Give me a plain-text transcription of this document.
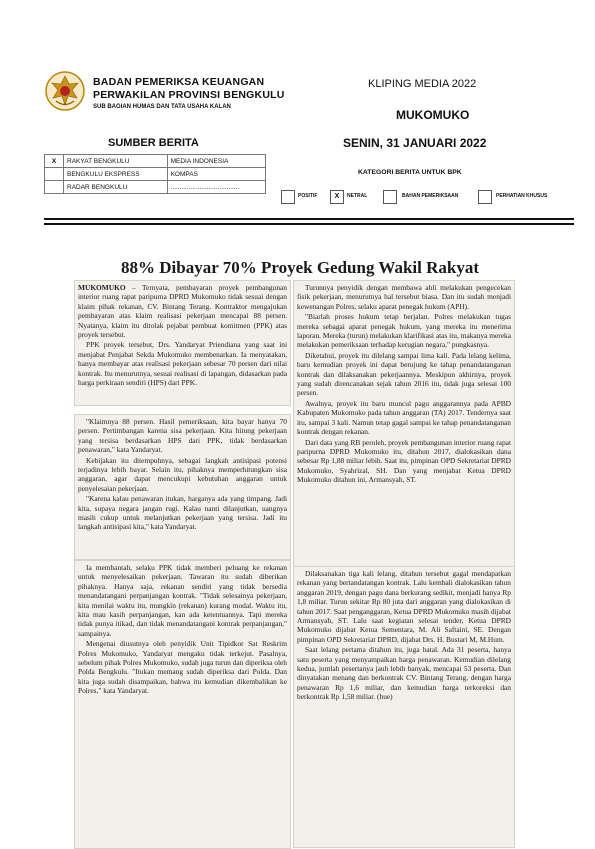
BADAN PEMERIKSA KEUANGAN
PERWAKILAN PROVINSI BENGKULU
SUB BAGIAN HUMAS DAN TATA USAHA KALAN
KLIPING MEDIA 2022
MUKOMUKO
SENIN, 31 JANUARI 2022
SUMBER BERITA
X	RAKYAT BENGKULU	MEDIA INDONESIA
	BENGKULU EKSPRESS	KOMPAS
	RADAR BENGKULU	......................................
KATEGORI BERITA UNTUK BPK
POSITIF	X	NETRAL	BAHAN PEMERIKSAAN	PERHATIAN KHUSUS
88% Dibayar 70% Proyek Gedung Wakil Rakyat

MUKOMUKO – Ternyata, pembayaran proyek pembangunan interior ruang rapat paripurna DPRD Mukomuko tidak sesuai dengan klaim pihak rekanan, CV. Bintang Terang. Kontraktor mengajukan pembayaran atas klaim realisasi pekerjaan mencapai 88 persen. Nyatanya, klaim itu ditolak pejabat pembuat komitmen (PPK) atas proyek tersebut.

PPK proyek tersebut, Drs. Yandaryat Priendiana yang saat ini menjabat Penjabat Sekda Mukomuko membenarkan. Ia menyatakan, hanya membayar atas realisasi pekerjaan sebesar 70 persen dari nilai kontrak. Itu menurutnya, sesuai realisasi di lapangan, didasarkan pada harga perkiraan sendiri (HPS) dari PPK.

"Klaimnya 88 persen. Hasil pemeriksaan, kita bayar hanya 70 persen. Pertimbangan karena sisa pekerjaan. Kita hitung pekerjaan yang tersisa berdasarkan HPS dari PPK, tidak berdasarkan penawaran," kata Yandaryat.

Kebijakan itu ditempuhnya, sebagai langkah antisipasi potensi terjadinya lebih bayar. Selain itu, pihaknya memperhitungkan sisa anggaran, agar dapat mencukupi kebutuhan anggaran untuk penyelesaian pekerjaan.

"Karena kalau penawaran itukan, harganya ada yang timpang. Jadi kita, supaya negara jangan rugi. Kalau nanti dilanjutkan, uangnya masih cukup untuk melanjutkan pekerjaan yang tersisa. Jadi itu langkah antisipasi kita," kata Yandaryat.

Ia membantah, selaku PPK tidak memberi peluang ke rekanan untuk menyelesaikan pekerjaan. Tawaran itu sudah diberikan pihaknya. Hanya saja, rekanan sendiri yang tidak bersedia menandatangani perpanjangan kontrak. "Tidak selesainya pekerjaan, kita menilai waktu itu, mungkin (rekanan) kurang modal. Waktu itu, kita mau kasih perpanjangan, kan ada ketentuannya. Tapi mereka tidak punya itikad, dan tidak menandatangani kontrak perpanjangan," sampainya.

Mengenai diusutnya oleh penyidik Unit Tipidkor Sat Reskrim Polres Mukomuko, Yandaryat mengaku tidak terkejut. Pasalnya, sebelum pihak Polres Mukomuko, sudah juga turun dan diperiksa oleh Polda Bengkulu. "Itukan memang sudah diperiksa dari Polda. Dan kita juga sudah disampaikan, bahwa itu kemudian dikembalikan ke Polres," kata Yandaryat.

Turunnya penyidik dengan membawa ahli melakukan pengecekan fisik pekerjaan, menurutnya hal tersebut biasa. Dan itu sudah menjadi kewenangan Polres, selaku aparat penegak hukum (APH).

"Biarlah proses hukum tetap berjalan. Polres melakukan tugas mereka sebagai aparat penegak hukum, yang mereka itu menerima laporan. Mereka (turun) melakukan klarifikasi atas itu, makanya mereka melakukan pemeriksaan terhadap kerugian negara," pungkasnya.

Diketahui, proyek itu dilelang sampai lima kali. Pada lelang kelima, baru kemudian proyek ini dapat berujung ke tahap penandatanganan kontrak dan dilaksanakan pekerjaannya. Meskipun akhirnya, proyek yang sudah direncanakan sejak tahun 2016 itu, tidak juga selesai 100 persen.

Awalnya, proyek itu baru muncul pagu anggarannya pada APBD Kabupaten Mukomuko pada tahun anggaran (TA) 2017. Tendernya saat itu, sampai 3 kali. Namun tetap gagal sampai ke tahap penandatanganan kontrak dengan rekanan.

Dari data yang RB peroleh, proyek pembangunan interior ruang rapat paripurna DPRD Mukomuko itu, ditahun 2017, dialokasikan dana sebesar Rp 1,88 miliar lebih. Saat itu, pimpinan OPD Sekretariat DPRD Mukomuko, Syahrizal, SH. Dan yang menjabat Ketua DPRD Mukomuko ditahun ini, Armansyah, ST.

Dilaksanakan tiga kali lelang, ditahun tersebut gagal mendapatkan rekanan yang bertandatangan kontrak. Lalu kembali dialokasikan tahun anggaran 2019, dengan pagu dana berkurang sedikit, menjadi hanya Rp 1,8 miliar. Turun sekitar Rp 80 juta dari anggaran yang dialokasikan di tahun 2017. Saat penganggaran, Ketua DPRD Mukomuko masih dijabat Armansyah, ST. Lalu saat kegiatan selesai tender, Ketua DPRD Mukomuko dijabat Ketua Sementara, M. Ali Saftaini, SE. Dengan pimpinan OPD Sekretariat DPRD, dijabat Drs. H. Bustari M, M.Hum.

Saat lelang pertama ditahun itu, juga batal. Ada 31 peserta, hanya satu peserta yang menyampaikan harga penawaran. Kemudian dilelang kedua, jumlah pesertanya jauh lebih banyak, mencapai 53 peserta. Dan dinyatakan menang dan berkontrak CV. Bintang Terang, dengan harga penawaran Rp 1,6 miliar, dan kemudian harga terkoreksi dan berkontrak Rp 1,58 miliar. (hue)
